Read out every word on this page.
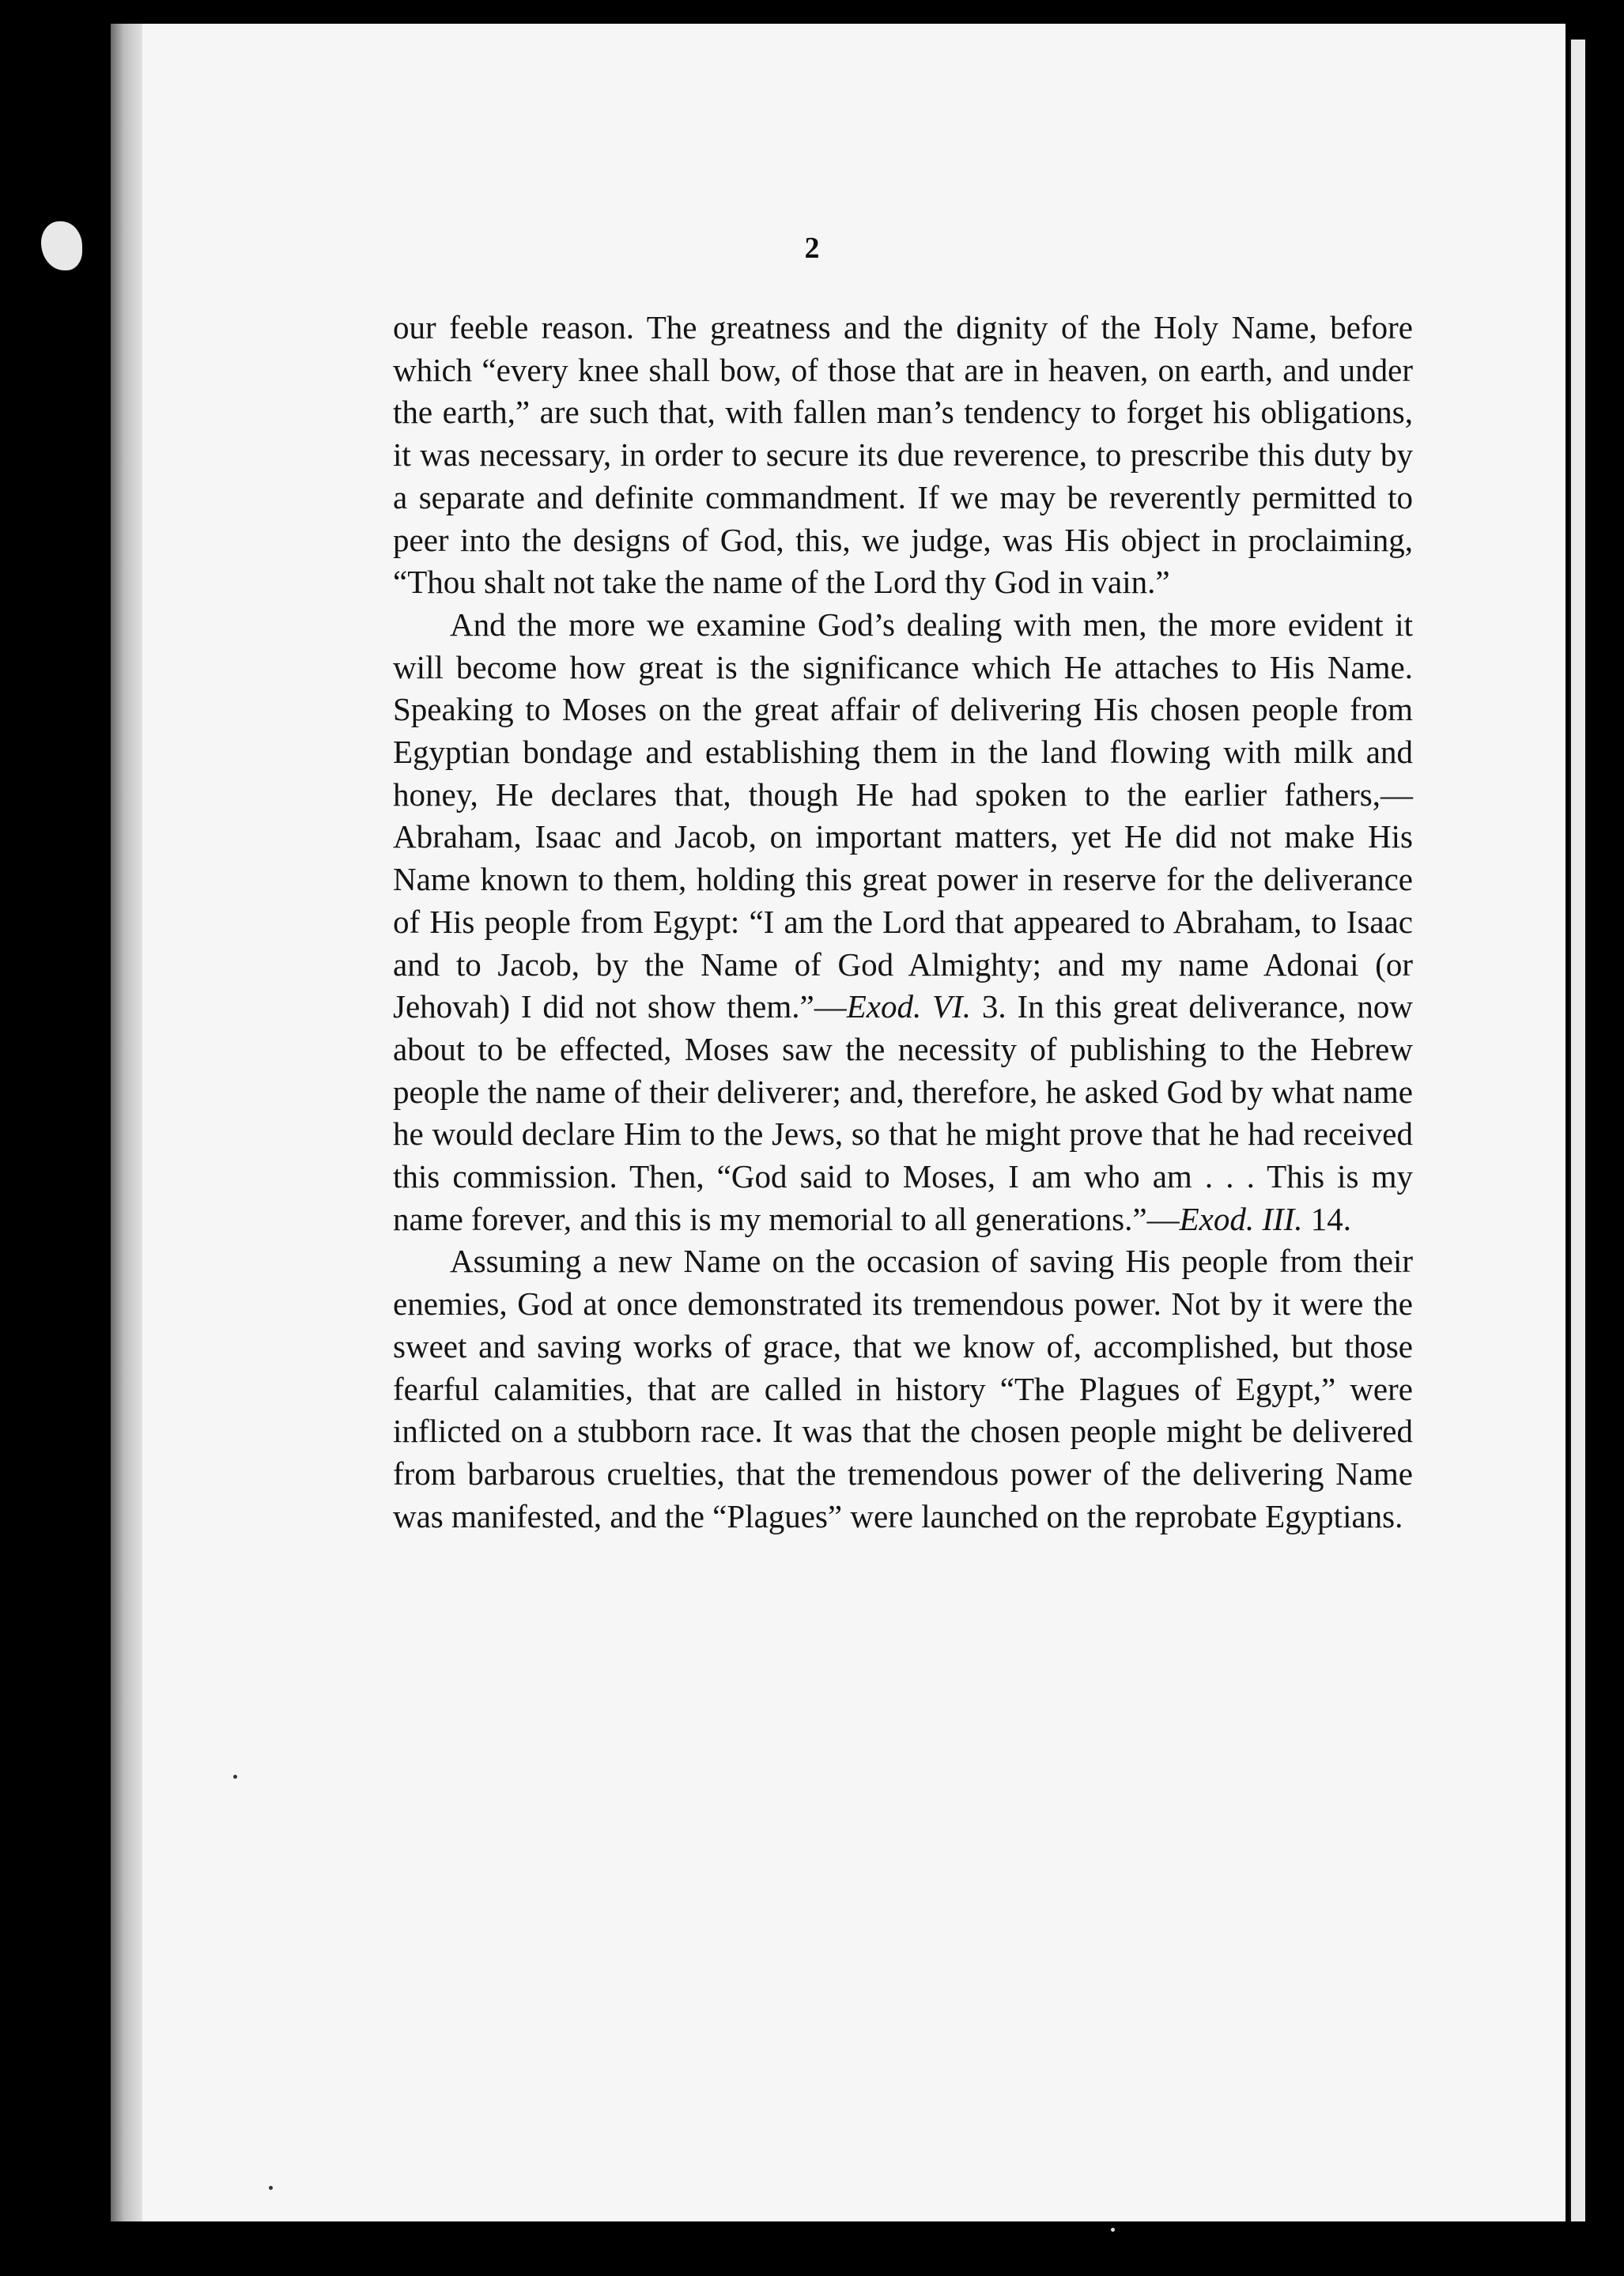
2

our feeble reason. The greatness and the dignity of the Holy Name, before which “every knee shall bow, of those that are in heaven, on earth, and under the earth,” are such that, with fallen man’s tendency to forget his obligations, it was necessary, in order to secure its due reverence, to prescribe this duty by a separate and definite commandment. If we may be reverently permitted to peer into the designs of God, this, we judge, was His object in proclaiming, “Thou shalt not take the name of the Lord thy God in vain.”

And the more we examine God’s dealing with men, the more evident it will become how great is the significance which He attaches to His Name. Speaking to Moses on the great affair of delivering His chosen people from Egyptian bondage and establishing them in the land flowing with milk and honey, He declares that, though He had spoken to the earlier fathers,—Abraham, Isaac and Jacob, on important matters, yet He did not make His Name known to them, holding this great power in reserve for the deliverance of His people from Egypt: “I am the Lord that appeared to Abraham, to Isaac and to Jacob, by the Name of God Almighty; and my name Adonai (or Jehovah) I did not show them.”—Exod. VI. 3. In this great deliverance, now about to be effected, Moses saw the necessity of publishing to the Hebrew people the name of their deliverer; and, therefore, he asked God by what name he would declare Him to the Jews, so that he might prove that he had received this commission. Then, “God said to Moses, I am who am . . . This is my name forever, and this is my memorial to all generations.”—Exod. III. 14.

Assuming a new Name on the occasion of saving His people from their enemies, God at once demonstrated its tremendous power. Not by it were the sweet and saving works of grace, that we know of, accomplished, but those fearful calamities, that are called in history “The Plagues of Egypt,” were inflicted on a stubborn race. It was that the chosen people might be delivered from barbarous cruelties, that the tremendous power of the delivering Name was manifested, and the “Plagues” were launched on the reprobate Egyptians.
